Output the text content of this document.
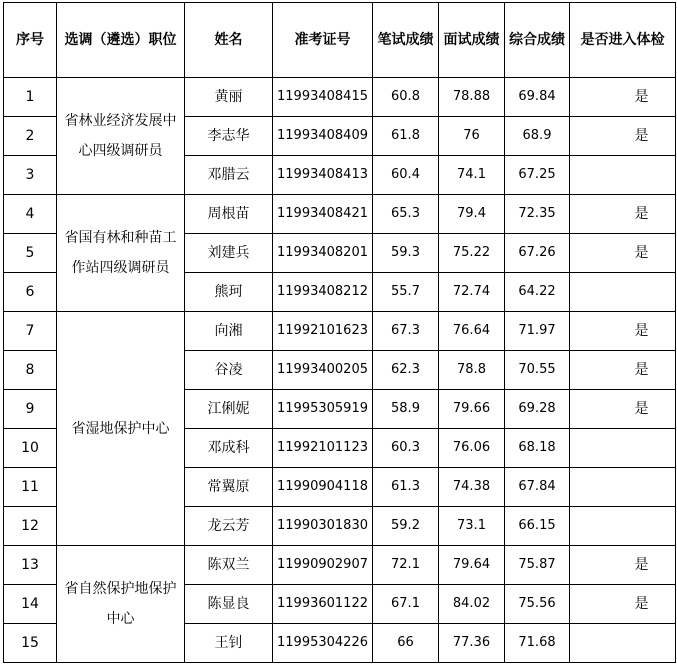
序号	选调（遴选）职位	姓名	准考证号	笔试成绩	面试成绩	综合成绩	是否进入体检
1	省林业经济发展中心四级调研员	黄丽	11993408415	60.8	78.88	69.84	是
2		李志华	11993408409	61.8	76	68.9	是
3		邓腊云	11993408413	60.4	74.1	67.25	
4	省国有林和种苗工作站四级调研员	周根苗	11993408421	65.3	79.4	72.35	是
5		刘建兵	11993408201	59.3	75.22	67.26	是
6		熊珂	11993408212	55.7	72.74	64.22	
7	省湿地保护中心	向湘	11992101623	67.3	76.64	71.97	是
8		谷凌	11993400205	62.3	78.8	70.55	是
9		江俐妮	11995305919	58.9	79.66	69.28	是
10		邓成科	11992101123	60.3	76.06	68.18	
11		常翼原	11990904118	61.3	74.38	67.84	
12		龙云芳	11990301830	59.2	73.1	66.15	
13	省自然保护地保护中心	陈双兰	11990902907	72.1	79.64	75.87	是
14		陈显良	11993601122	67.1	84.02	75.56	是
15		王钊	11995304226	66	77.36	71.68	
